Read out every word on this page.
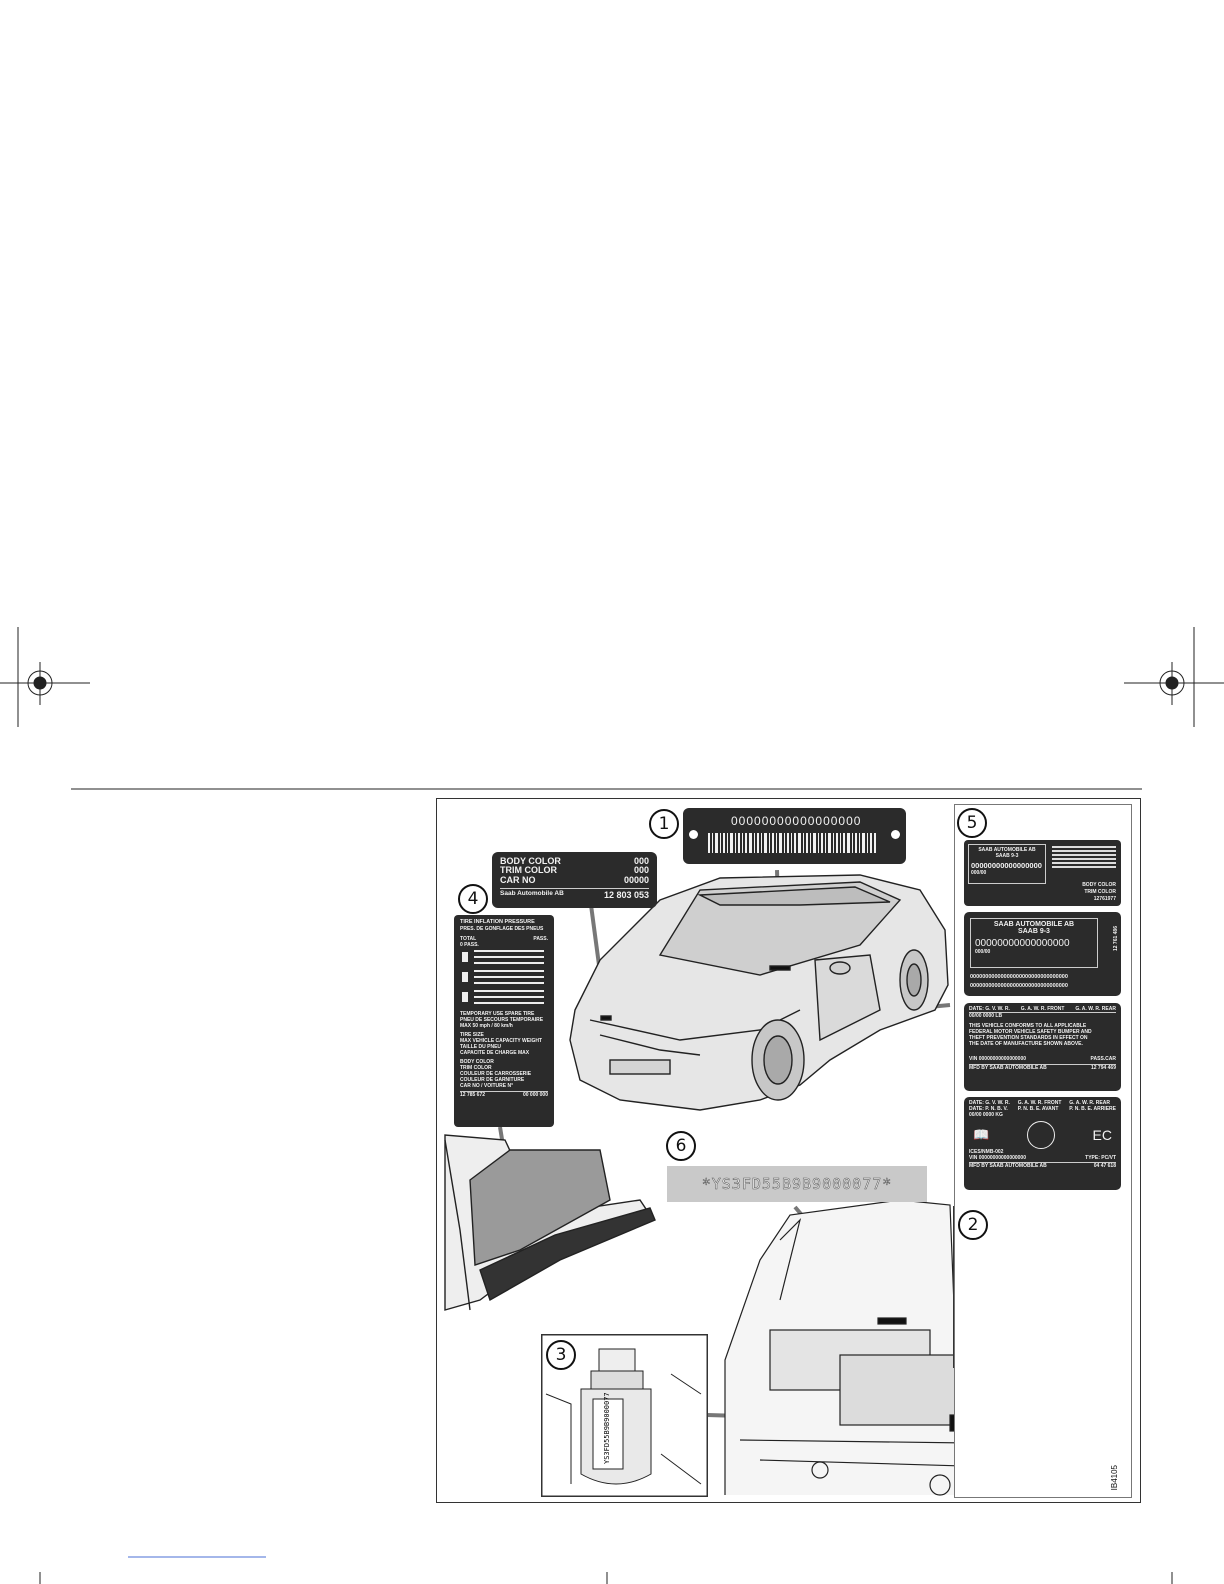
YS3FD55B9B9000077
00000000000000000
BODY COLOR	000
TRIM COLOR	000
CAR NO	00000
Saab Automobile AB	12 803 053
TIRE INFLATION PRESSURE
PRES. DE GONFLAGE DES PNEUS
TOTAL
0 PASS.
PASS.
TEMPORARY USE SPARE TIRE
PNEU DE SECOURS TEMPORAIRE
MAX 50 mph / 80 km/h
TIRE SIZE
MAX VEHICLE CAPACITY WEIGHT
TAILLE DU PNEU
CAPACITE DE CHARGE MAX
BODY COLOR
TRIM COLOR
COULEUR DE CARROSSERIE
COULEUR DE GARNITURE
CAR NO / VOITURE N°
12 785 672	00 000 000
SAAB AUTOMOBILE AB
SAAB 9-3
00000000000000000
000/00
BODY COLOR
TRIM COLOR
12761977
SAAB AUTOMOBILE AB
SAAB 9-3
00000000000000000
000/00
12 761 486
00000000000000000000000000000000
00000000000000000000000000000000
DATE: G. V. W. R. G. A. W. R. FRONT G. A. W. R. REAR
00/00 0000 LB
THIS VEHICLE CONFORMS TO ALL APPLICABLE
FEDERAL MOTOR VEHICLE SAFETY BUMPER AND
THEFT PREVENTION STANDARDS IN EFFECT ON
THE DATE OF MANUFACTURE SHOWN ABOVE.
VIN 00000000000000000	PASS.CAR
MFD BY SAAB AUTOMOBILE AB	12 794 469
DATE: G. V. W. R.
DATE: P. N. B. V.
G. A. W. R. FRONT
P. N. B. E. AVANT
G. A. W. R. REAR
P. N. B. E. ARRIERE
00/00 0000 KG
📖	EC
ICES/NMB-002
VIN 00000000000000000	TYPE: PC/VT
MFD BY SAAB AUTOMOBILE AB	04 47 618
*YS3FD55B9B9000077*
1
2
3
4
5
6
IB4105
